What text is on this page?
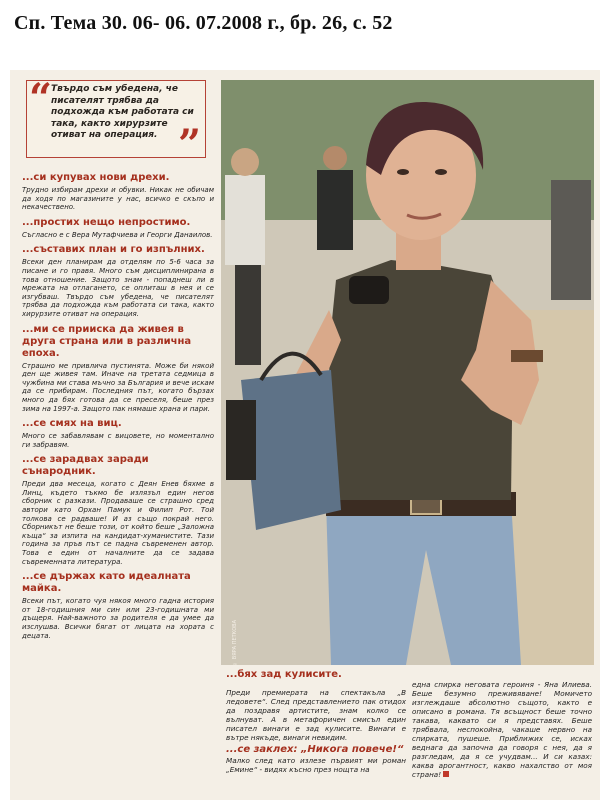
Сп. Тема 30. 06- 06. 07.2008 г., бр. 26, с. 52
“
Твърдо съм убедена, че писателят трябва да подхожда към работата си така, както хирурзите отиват на операция. ”
...си купувах нови дрехи.
Трудно избирам дрехи и обувки. Никак не обичам да ходя по магазините у нас, всичко е скъпо и некачествено.
...простих нещо непростимо.
Съгласно е с Вера Мутафчиева и Георги Данаилов.
...съставих план и го изпълних.
Всеки ден планирам да отделям по 5-6 часа за писане и го правя. Много съм дисциплинирана в това отношение. Защото знам - попаднеш ли в мрежата на отлагането, се оплиташ в нея и се изгубваш. Твърдо съм убедена, че писателят трябва да подхожда към работата си така, както хирурзите отиват на операция.
...ми се прииска да живея в друга страна или в различна епоха.
Страшно ме привлича пустинята. Може би някой ден ще живея там. Иначе на третата седмица в чужбина ми става мъчно за България и вече искам да се прибирам. Последния път, когато бързах много да бях готова да се преселя, беше през зима на 1997-а. Защото пак нямаше храна и пари.
...се смях на виц.
Много се забавлявам с вицовете, но моментално ги забравям.
...се зарадвах заради сънародник.
Преди два месеца, когато с Деян Енев бяхме в Линц, където тъкмо бе излязъл един негов сборник с разкази. Продаваше се страшно сред автори като Орхан Памук и Филип Рот. Той толкова се радваше! И аз също покрай него. Сборникът не беше този, от който беше „Заложна къща“ за изпита на кандидат-хуманистите. Тази година за пръв път се падна съвременен автор. Това е един от началните да се задава съвременната литература.
...се държах като идеалната майка.
Всеки път, когато чуя някоя много гадна история от 18-годишния ми син или 23-годишната ми дъщеря. Най-важното за родителя е да умее да изслушва. Всички бягат от лицата на хората с децата.	© ВЯРА ПЕТКОВА
...бях зад кулисите.
Преди премиерата на спектакъла „В ледовете“. След представлението пак отидох да поздравя артистите, знам колко се вълнуват. А в метафоричен смисъл един писател винаги е зад кулисите. Винаги е вътре някъде, винаги невидим.
...се заклех: „Никога повече!“
Малко след като излезе първият ми роман „Емине“ - видях късно през нощта на
една спирка неговата героиня - Яна Илиева. Беше безумно преживяване! Момичето изглеждаше абсолютно същото, както е описано в романа. Тя всъщност беше точно такава, каквато си я представях. Беше трябвала, неспокойна, чакаше нервно на спирката, пушеше. Приближих се, исках веднага да започна да говоря с нея, да я разгледам, да я се учудвам... И си казах: каква арогантност, какво нахалство от моя страна!
